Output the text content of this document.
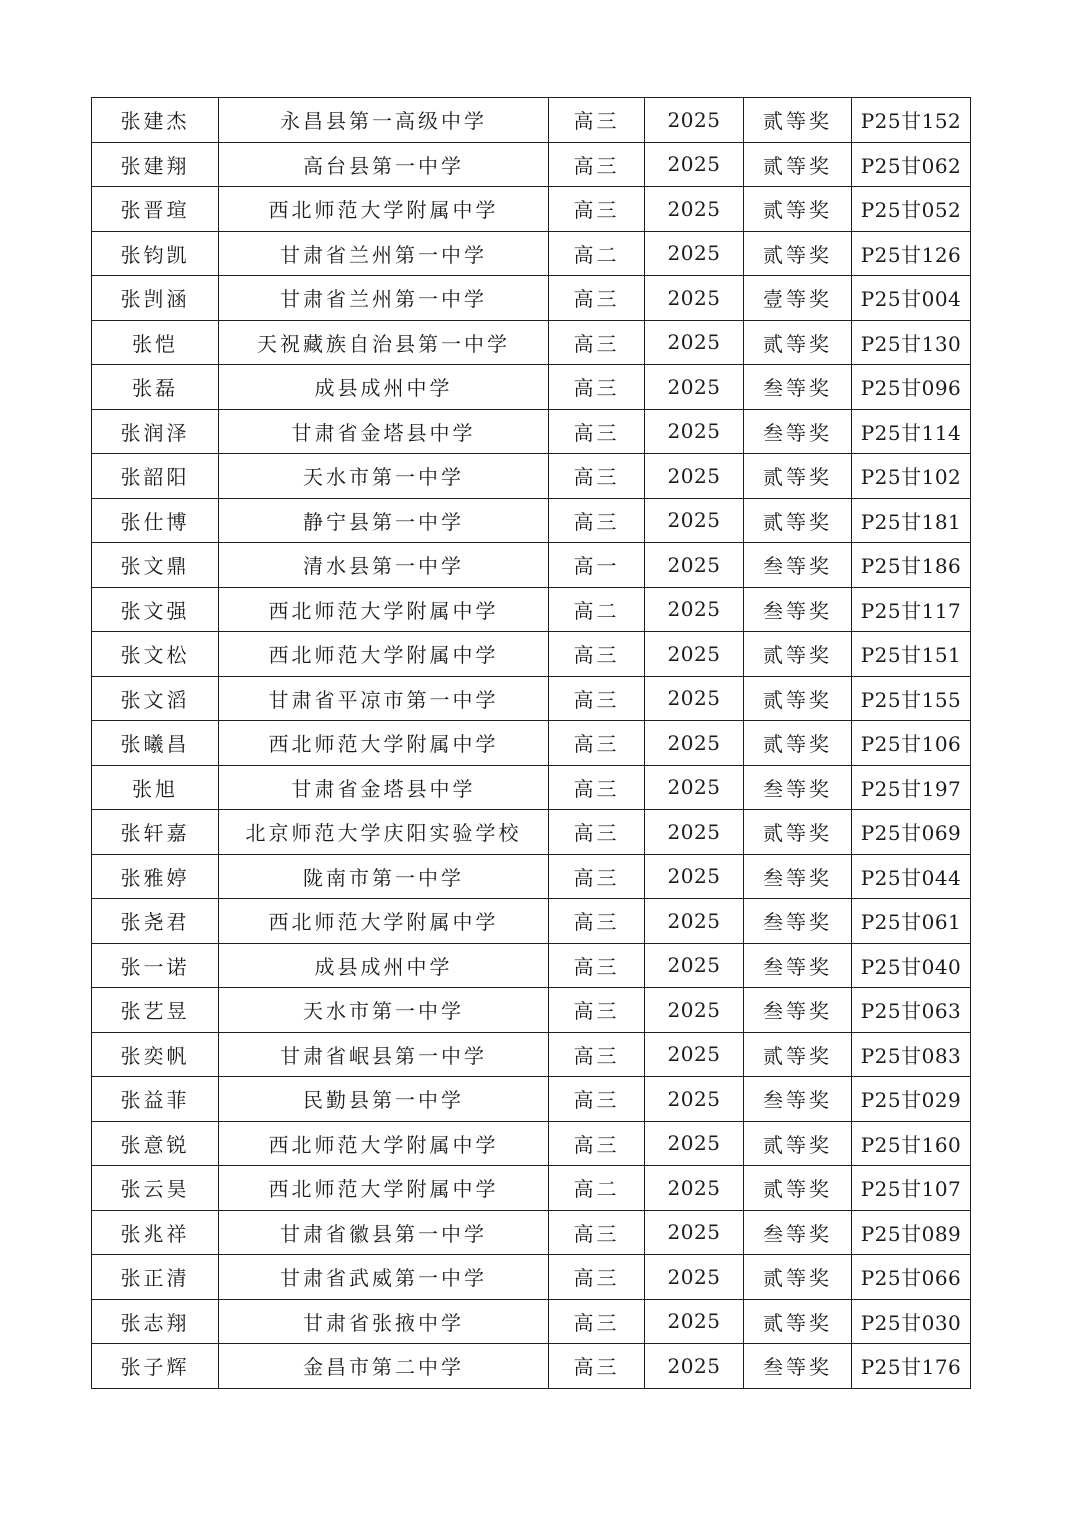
张建杰	永昌县第一高级中学	高三	2025	贰等奖	P25甘152
张建翔	高台县第一中学	高三	2025	贰等奖	P25甘062
张晋瑄	西北师范大学附属中学	高三	2025	贰等奖	P25甘052
张钧凯	甘肃省兰州第一中学	高二	2025	贰等奖	P25甘126
张剀涵	甘肃省兰州第一中学	高三	2025	壹等奖	P25甘004
张恺	天祝藏族自治县第一中学	高三	2025	贰等奖	P25甘130
张磊	成县成州中学	高三	2025	叁等奖	P25甘096
张润泽	甘肃省金塔县中学	高三	2025	叁等奖	P25甘114
张韶阳	天水市第一中学	高三	2025	贰等奖	P25甘102
张仕博	静宁县第一中学	高三	2025	贰等奖	P25甘181
张文鼎	清水县第一中学	高一	2025	叁等奖	P25甘186
张文强	西北师范大学附属中学	高二	2025	叁等奖	P25甘117
张文松	西北师范大学附属中学	高三	2025	贰等奖	P25甘151
张文滔	甘肃省平凉市第一中学	高三	2025	贰等奖	P25甘155
张曦昌	西北师范大学附属中学	高三	2025	贰等奖	P25甘106
张旭	甘肃省金塔县中学	高三	2025	叁等奖	P25甘197
张轩嘉	北京师范大学庆阳实验学校	高三	2025	贰等奖	P25甘069
张雅婷	陇南市第一中学	高三	2025	叁等奖	P25甘044
张尧君	西北师范大学附属中学	高三	2025	叁等奖	P25甘061
张一诺	成县成州中学	高三	2025	叁等奖	P25甘040
张艺昱	天水市第一中学	高三	2025	叁等奖	P25甘063
张奕帆	甘肃省岷县第一中学	高三	2025	贰等奖	P25甘083
张益菲	民勤县第一中学	高三	2025	叁等奖	P25甘029
张意锐	西北师范大学附属中学	高三	2025	贰等奖	P25甘160
张云昊	西北师范大学附属中学	高二	2025	贰等奖	P25甘107
张兆祥	甘肃省徽县第一中学	高三	2025	叁等奖	P25甘089
张正清	甘肃省武威第一中学	高三	2025	贰等奖	P25甘066
张志翔	甘肃省张掖中学	高三	2025	贰等奖	P25甘030
张子辉	金昌市第二中学	高三	2025	叁等奖	P25甘176
